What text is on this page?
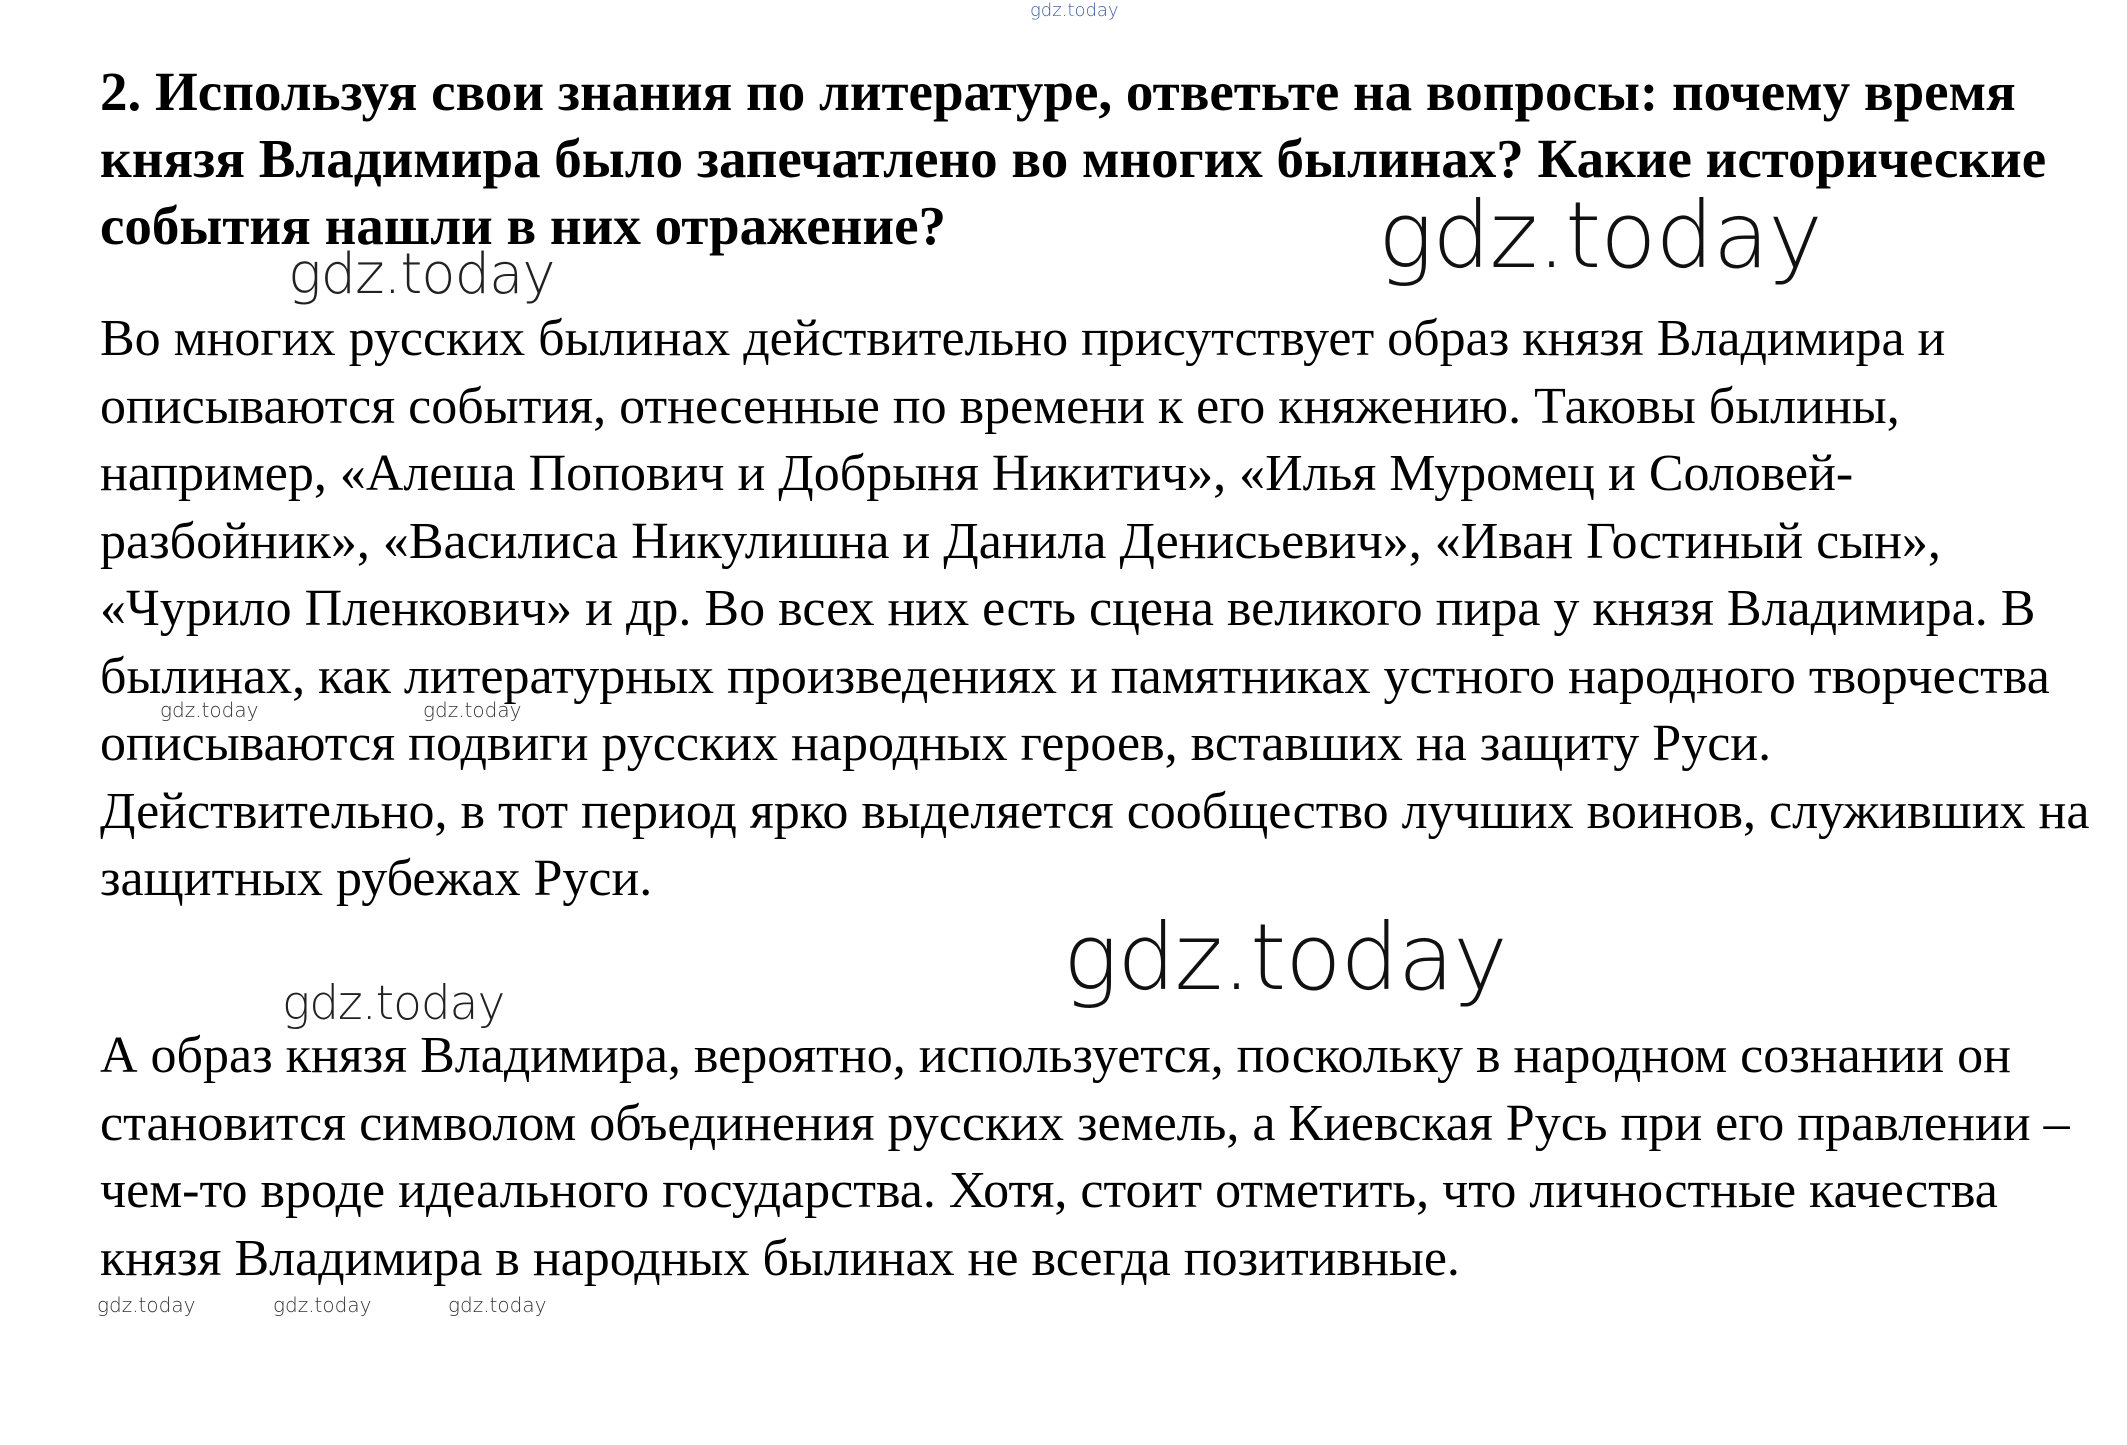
gdz.today

2. Используя свои знания по литературе, ответьте на вопросы: почему время князя Владимира было запечатлено во многих былинах? Какие исторические события нашли в них отражение?	gdz.today
gdz.today

Во многих русских былинах действительно присутствует образ князя Владимира и описываются события, отнесенные по времени к его княжению. Таковы былины, например, «Алеша Попович и Добрыня Никитич», «Илья Муромец и Соловей-разбойник», «Василиса Никулишна и Данила Денисьевич», «Иван Гостиный сын», «Чурило Пленкович» и др. Во всех них есть сцена великого пира у князя Владимира. В былинах, как литературных произведениях и памятниках устного народного творчества описываются подвиги русских народных героев, вставших на защиту Руси. Действительно, в тот период ярко выделяется сообщество лучших воинов, служивших на защитных рубежах Руси.

gdz.today	gdz.today
gdz.today
gdz.today

А образ князя Владимира, вероятно, используется, поскольку в народном сознании он становится символом объединения русских земель, а Киевская Русь при его правлении – чем-то вроде идеального государства. Хотя, стоит отметить, что личностные качества князя Владимира в народных былинах не всегда позитивные.

gdz.today	gdz.today	gdz.today
